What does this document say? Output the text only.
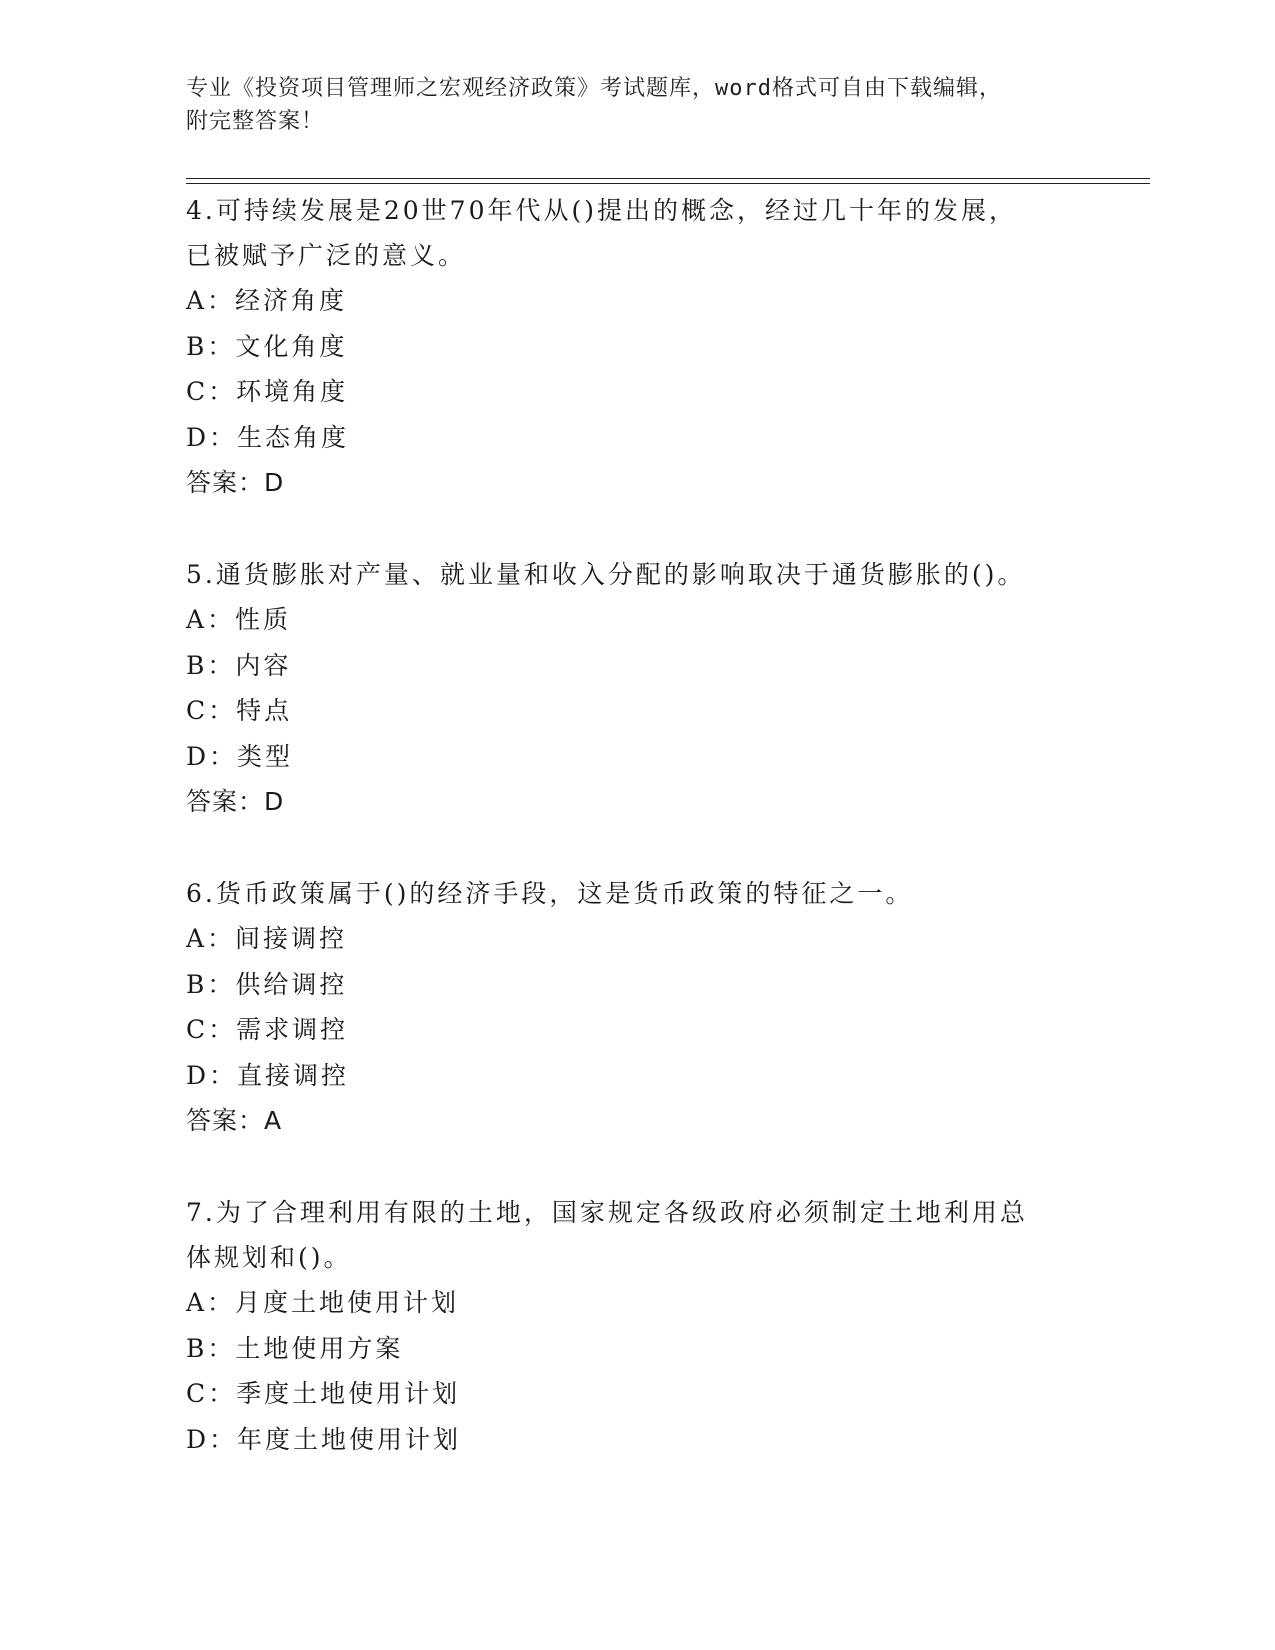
专业《投资项目管理师之宏观经济政策》考试题库，word格式可自由下载编辑，
附完整答案！

4.可持续发展是20世70年代从()提出的概念，经过几十年的发展，

已被赋予广泛的意义。

A：经济角度

B：文化角度

C：环境角度

D：生态角度

答案：D

5.通货膨胀对产量、就业量和收入分配的影响取决于通货膨胀的()。

A：性质

B：内容

C：特点

D：类型

答案：D

6.货币政策属于()的经济手段，这是货币政策的特征之一。

A：间接调控

B：供给调控

C：需求调控

D：直接调控

答案：A

7.为了合理利用有限的土地，国家规定各级政府必须制定土地利用总

体规划和()。

A：月度土地使用计划

B：土地使用方案

C：季度土地使用计划

D：年度土地使用计划
